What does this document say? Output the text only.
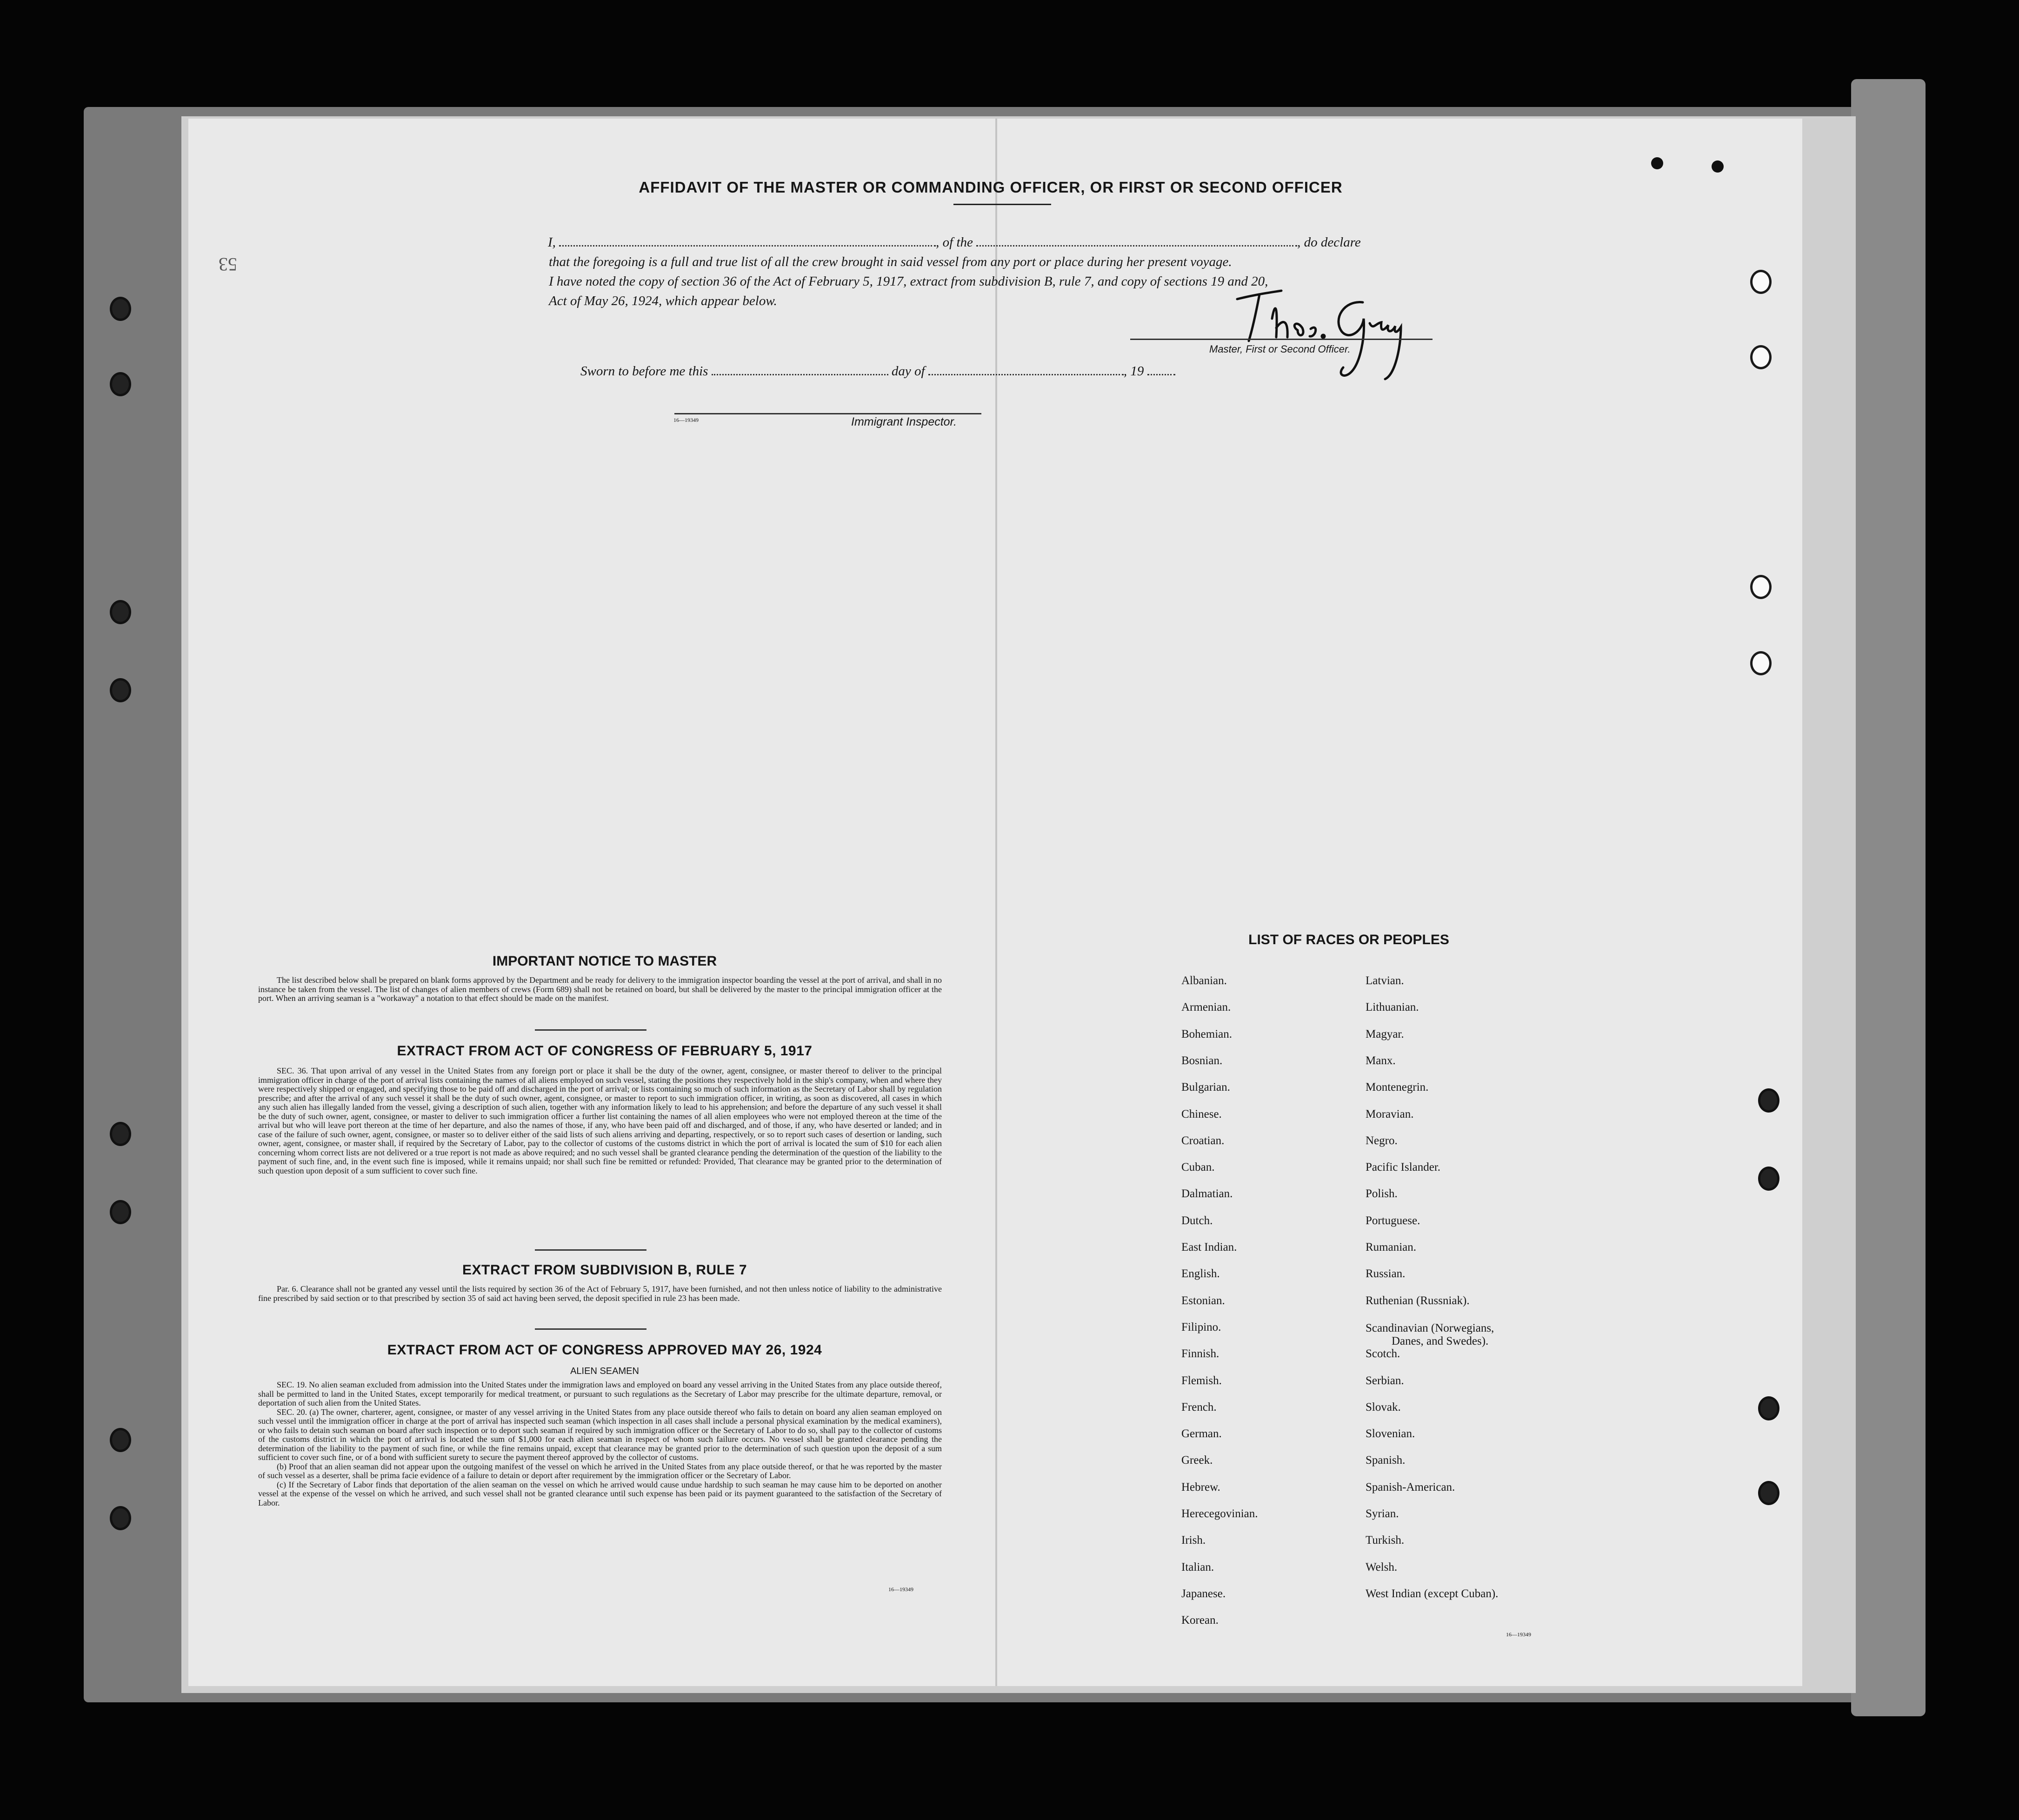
53
AFFIDAVIT OF THE MASTER OR COMMANDING OFFICER, OR FIRST OR SECOND OFFICER
I,	, of the	, do declare
that the foregoing is a full and true list of all the crew brought in said vessel from any port or place during her present voyage.
I have noted the copy of section 36 of the Act of February 5, 1917, extract from subdivision B, rule 7, and copy of sections 19 and 20,
Act of May 26, 1924, which appear below.
Master, First or Second Officer.
Sworn to before me this	day of	, 19
16—19349	Immigrant Inspector.
IMPORTANT NOTICE TO MASTER

The list described below shall be prepared on blank forms approved by the Department and be ready for delivery to the immigration inspector boarding the vessel at the port of arrival, and shall in no instance be taken from the vessel. The list of changes of alien members of crews (Form 689) shall not be retained on board, but shall be delivered by the master to the principal immigration officer at the port. When an arriving seaman is a "workaway" a notation to that effect should be made on the manifest.

EXTRACT FROM ACT OF CONGRESS OF FEBRUARY 5, 1917

SEC. 36. That upon arrival of any vessel in the United States from any foreign port or place it shall be the duty of the owner, agent, consignee, or master thereof to deliver to the principal immigration officer in charge of the port of arrival lists containing the names of all aliens employed on such vessel, stating the positions they respectively hold in the ship's company, when and where they were respectively shipped or engaged, and specifying those to be paid off and discharged in the port of arrival; or lists containing so much of such information as the Secretary of Labor shall by regulation prescribe; and after the arrival of any such vessel it shall be the duty of such owner, agent, consignee, or master to report to such immigration officer, in writing, as soon as discovered, all cases in which any such alien has illegally landed from the vessel, giving a description of such alien, together with any information likely to lead to his apprehension; and before the departure of any such vessel it shall be the duty of such owner, agent, consignee, or master to deliver to such immigration officer a further list containing the names of all alien employees who were not employed thereon at the time of the arrival but who will leave port thereon at the time of her departure, and also the names of those, if any, who have been paid off and discharged, and of those, if any, who have deserted or landed; and in case of the failure of such owner, agent, consignee, or master so to deliver either of the said lists of such aliens arriving and departing, respectively, or so to report such cases of desertion or landing, such owner, agent, consignee, or master shall, if required by the Secretary of Labor, pay to the collector of customs of the customs district in which the port of arrival is located the sum of $10 for each alien concerning whom correct lists are not delivered or a true report is not made as above required; and no such vessel shall be granted clearance pending the determination of the question of the liability to the payment of such fine, and, in the event such fine is imposed, while it remains unpaid; nor shall such fine be remitted or refunded: Provided, That clearance may be granted prior to the determination of such question upon deposit of a sum sufficient to cover such fine.

EXTRACT FROM SUBDIVISION B, RULE 7

Par. 6. Clearance shall not be granted any vessel until the lists required by section 36 of the Act of February 5, 1917, have been furnished, and not then unless notice of liability to the administrative fine prescribed by said section or to that prescribed by section 35 of said act having been served, the deposit specified in rule 23 has been made.

EXTRACT FROM ACT OF CONGRESS APPROVED MAY 26, 1924
ALIEN SEAMEN

SEC. 19. No alien seaman excluded from admission into the United States under the immigration laws and employed on board any vessel arriving in the United States from any place outside thereof, shall be permitted to land in the United States, except temporarily for medical treatment, or pursuant to such regulations as the Secretary of Labor may prescribe for the ultimate departure, removal, or deportation of such alien from the United States.

SEC. 20. (a) The owner, charterer, agent, consignee, or master of any vessel arriving in the United States from any place outside thereof who fails to detain on board any alien seaman employed on such vessel until the immigration officer in charge at the port of arrival has inspected such seaman (which inspection in all cases shall include a personal physical examination by the medical examiners), or who fails to detain such seaman on board after such inspection or to deport such seaman if required by such immigration officer or the Secretary of Labor to do so, shall pay to the collector of customs of the customs district in which the port of arrival is located the sum of $1,000 for each alien seaman in respect of whom such failure occurs. No vessel shall be granted clearance pending the determination of the liability to the payment of such fine, or while the fine remains unpaid, except that clearance may be granted prior to the determination of such question upon the deposit of a sum sufficient to cover such fine, or of a bond with sufficient surety to secure the payment thereof approved by the collector of customs.

(b) Proof that an alien seaman did not appear upon the outgoing manifest of the vessel on which he arrived in the United States from any place outside thereof, or that he was reported by the master of such vessel as a deserter, shall be prima facie evidence of a failure to detain or deport after requirement by the immigration officer or the Secretary of Labor.

(c) If the Secretary of Labor finds that deportation of the alien seaman on the vessel on which he arrived would cause undue hardship to such seaman he may cause him to be deported on another vessel at the expense of the vessel on which he arrived, and such vessel shall not be granted clearance until such expense has been paid or its payment guaranteed to the satisfaction of the Secretary of Labor.

16—19349
LIST OF RACES OR PEOPLES
Albanian.
Armenian.
Bohemian.
Bosnian.
Bulgarian.
Chinese.
Croatian.
Cuban.
Dalmatian.
Dutch.
East Indian.
English.
Estonian.
Filipino.
Finnish.
Flemish.
French.
German.
Greek.
Hebrew.
Herecegovinian.
Irish.
Italian.
Japanese.
Korean.
Latvian.
Lithuanian.
Magyar.
Manx.
Montenegrin.
Moravian.
Negro.
Pacific Islander.
Polish.
Portuguese.
Rumanian.
Russian.
Ruthenian (Russniak).
Scandinavian (Norwegians,
Danes, and Swedes).
Scotch.
Serbian.
Slovak.
Slovenian.
Spanish.
Spanish-American.
Syrian.
Turkish.
Welsh.
West Indian (except Cuban).
16—19349
